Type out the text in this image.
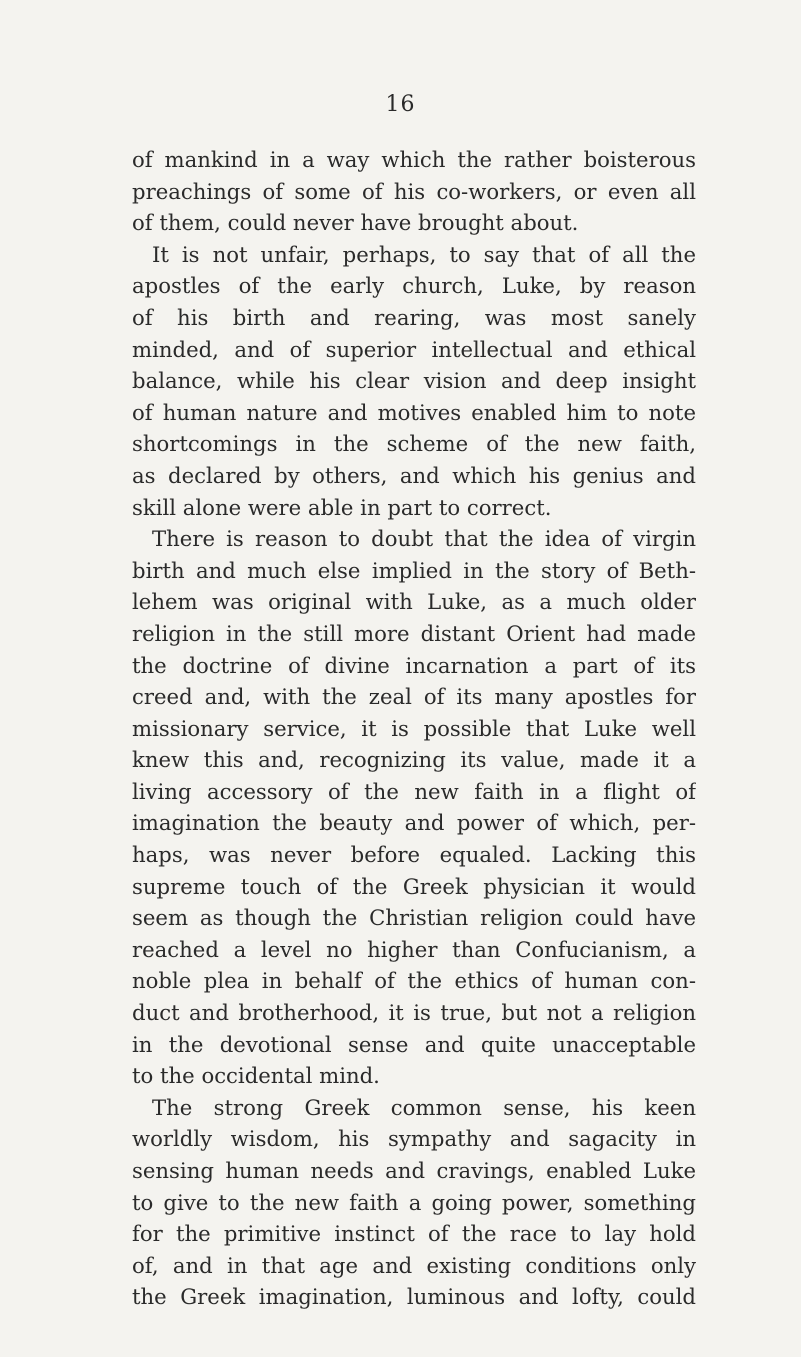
16
of mankind in a way which the rather boisterous
preachings of some of his co-workers, or even all
of them, could never have brought about.
It is not unfair, perhaps, to say that of all the
apostles of the early church, Luke, by reason
of his birth and rearing, was most sanely
minded, and of superior intellectual and ethical
balance, while his clear vision and deep insight
of human nature and motives enabled him to note
shortcomings in the scheme of the new faith,
as declared by others, and which his genius and
skill alone were able in part to correct.
There is reason to doubt that the idea of virgin
birth and much else implied in the story of Beth-
lehem was original with Luke, as a much older
religion in the still more distant Orient had made
the doctrine of divine incarnation a part of its
creed and, with the zeal of its many apostles for
missionary service, it is possible that Luke well
knew this and, recognizing its value, made it a
living accessory of the new faith in a flight of
imagination the beauty and power of which, per-
haps, was never before equaled. Lacking this
supreme touch of the Greek physician it would
seem as though the Christian religion could have
reached a level no higher than Confucianism, a
noble plea in behalf of the ethics of human con-
duct and brotherhood, it is true, but not a religion
in the devotional sense and quite unacceptable
to the occidental mind.
The strong Greek common sense, his keen
worldly wisdom, his sympathy and sagacity in
sensing human needs and cravings, enabled Luke
to give to the new faith a going power, something
for the primitive instinct of the race to lay hold
of, and in that age and existing conditions only
the Greek imagination, luminous and lofty, could
